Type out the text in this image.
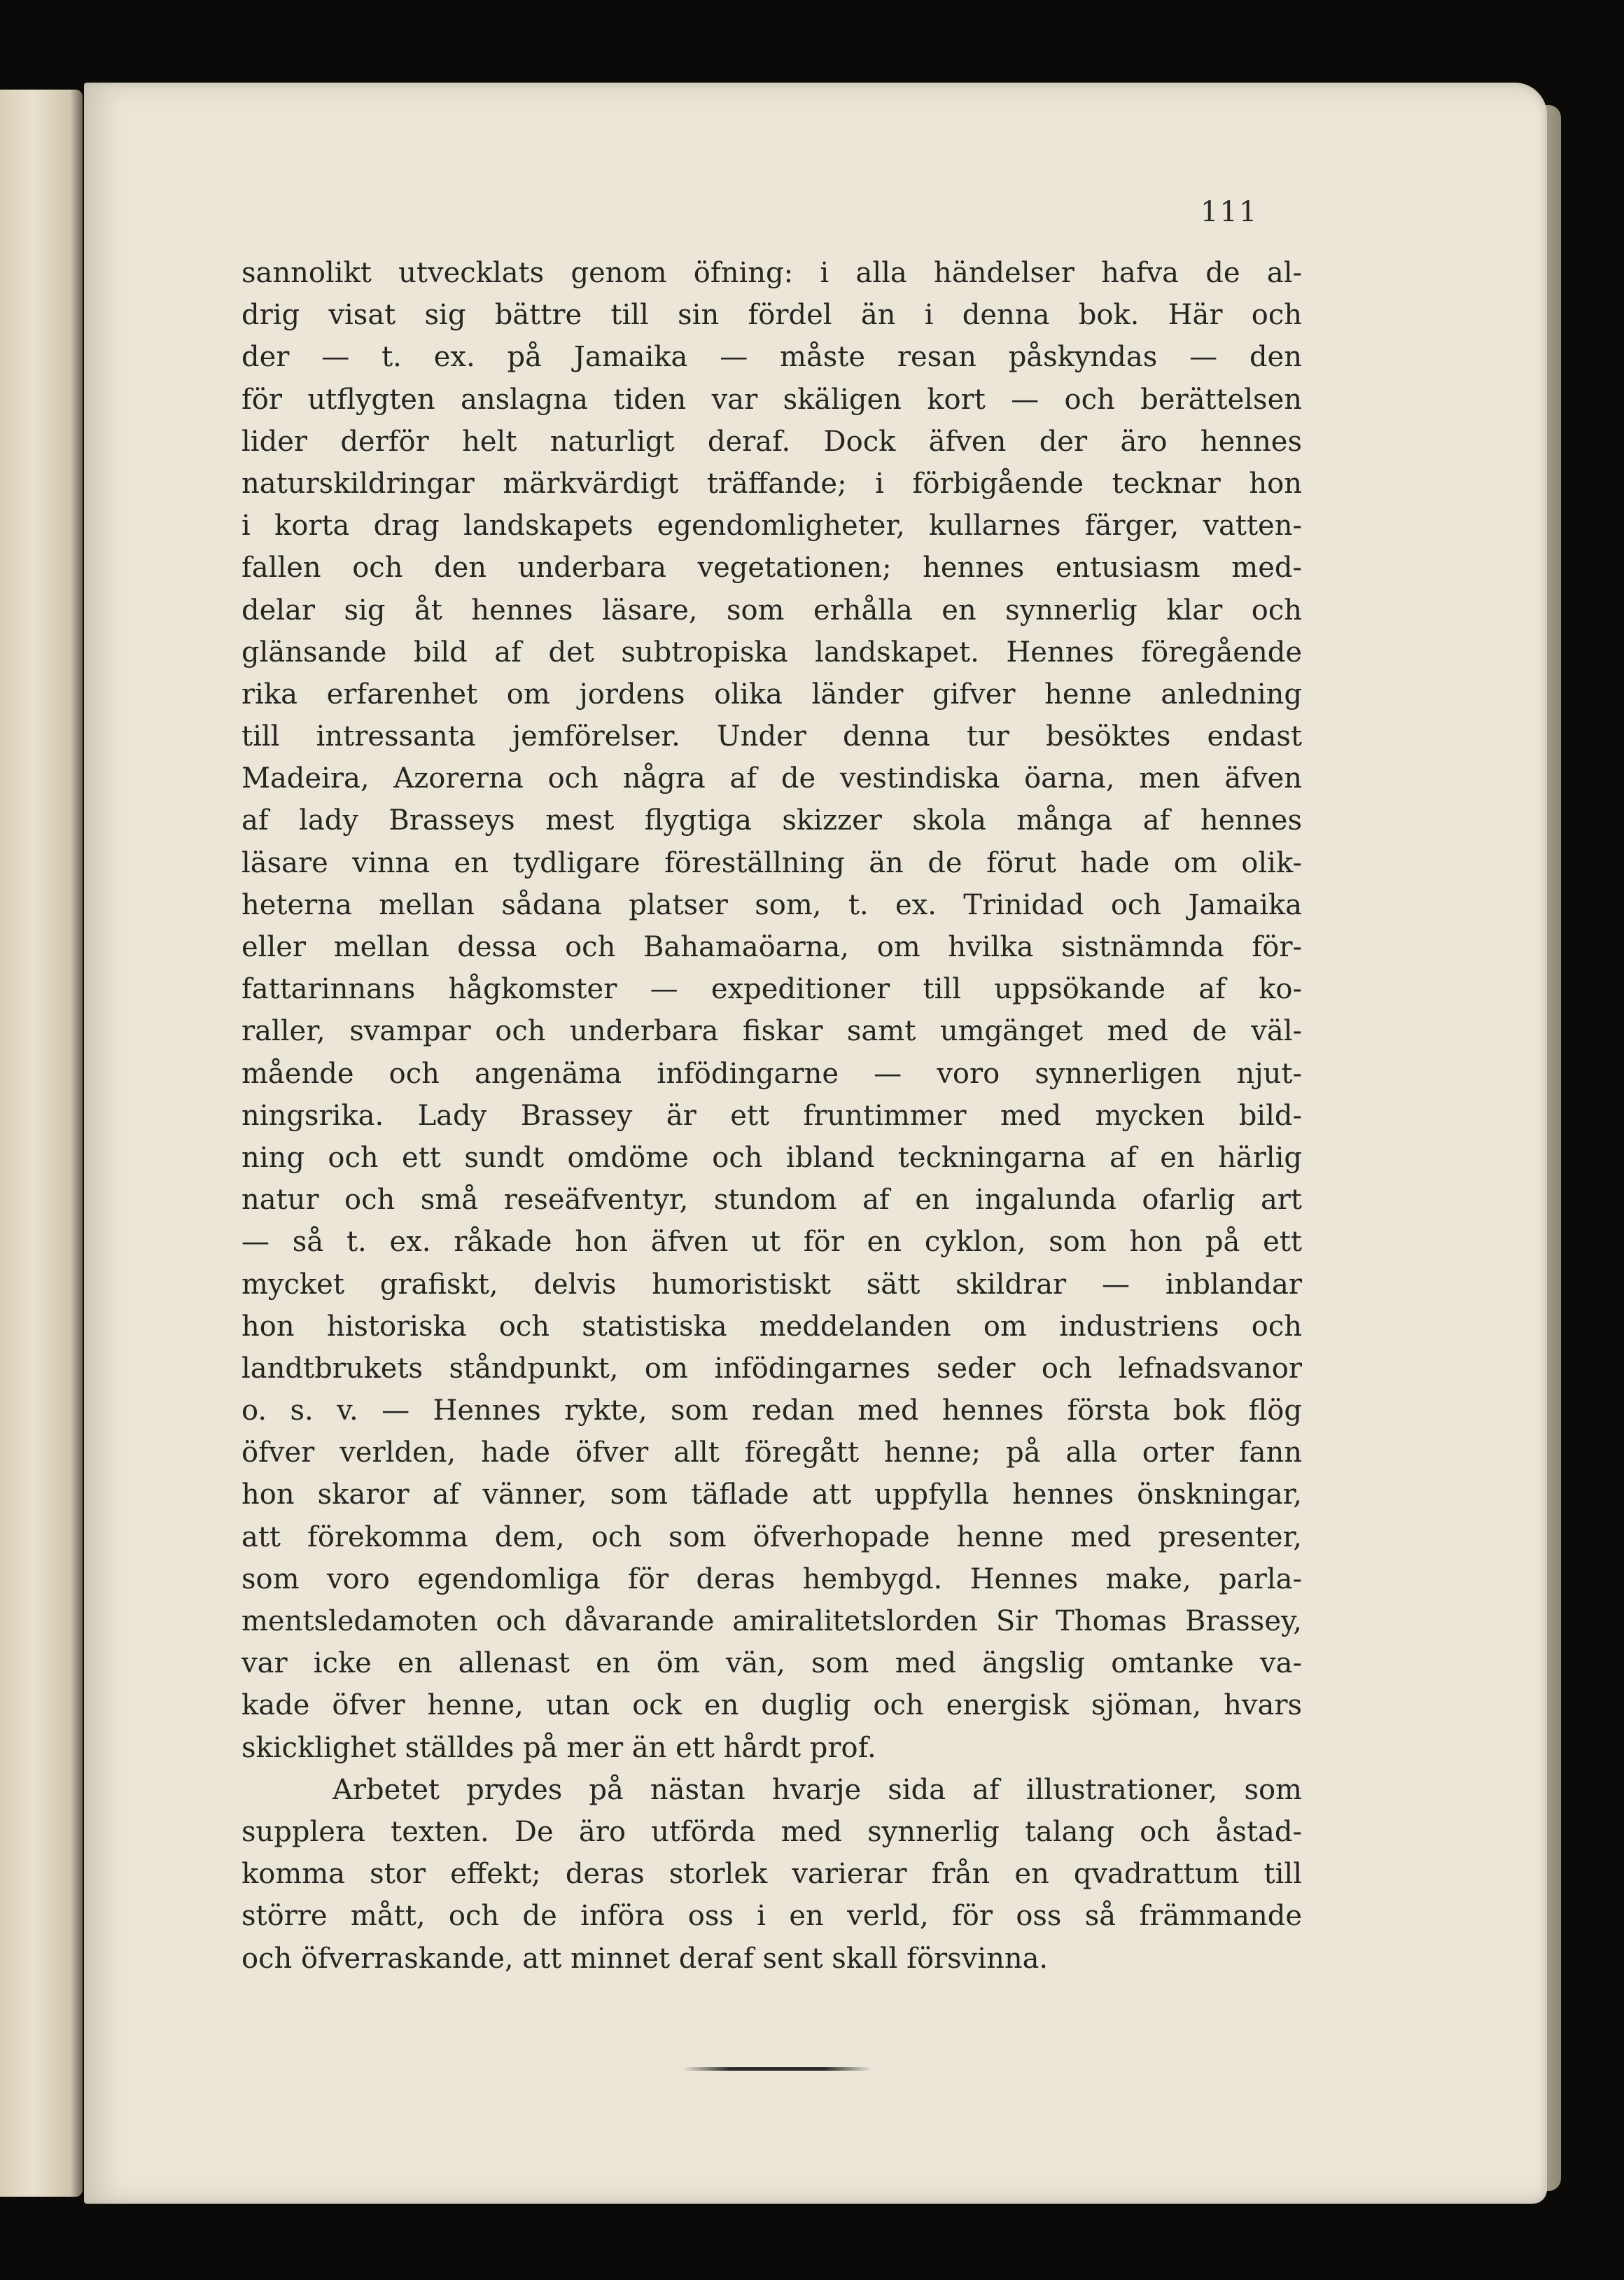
111
sannolikt utvecklats genom öfning: i alla händelser hafva de al-
drig visat sig bättre till sin fördel än i denna bok. Här och
der — t. ex. på Jamaika — måste resan påskyndas — den
för utflygten anslagna tiden var skäligen kort — och berättelsen
lider derför helt naturligt deraf. Dock äfven der äro hennes
naturskildringar märkvärdigt träffande; i förbigående tecknar hon
i korta drag landskapets egendomligheter, kullarnes färger, vatten-
fallen och den underbara vegetationen; hennes entusiasm med-
delar sig åt hennes läsare, som erhålla en synnerlig klar och
glänsande bild af det subtropiska landskapet. Hennes föregående
rika erfarenhet om jordens olika länder gifver henne anledning
till intressanta jemförelser. Under denna tur besöktes endast
Madeira, Azorerna och några af de vestindiska öarna, men äfven
af lady Brasseys mest flygtiga skizzer skola många af hennes
läsare vinna en tydligare föreställning än de förut hade om olik-
heterna mellan sådana platser som, t. ex. Trinidad och Jamaika
eller mellan dessa och Bahamaöarna, om hvilka sistnämnda för-
fattarinnans hågkomster — expeditioner till uppsökande af ko-
raller, svampar och underbara fiskar samt umgänget med de väl-
mående och angenäma infödingarne — voro synnerligen njut-
ningsrika. Lady Brassey är ett fruntimmer med mycken bild-
ning och ett sundt omdöme och ibland teckningarna af en härlig
natur och små reseäfventyr, stundom af en ingalunda ofarlig art
— så t. ex. råkade hon äfven ut för en cyklon, som hon på ett
mycket grafiskt, delvis humoristiskt sätt skildrar — inblandar
hon historiska och statistiska meddelanden om industriens och
landtbrukets ståndpunkt, om infödingarnes seder och lefnadsvanor
o. s. v. — Hennes rykte, som redan med hennes första bok flög
öfver verlden, hade öfver allt föregått henne; på alla orter fann
hon skaror af vänner, som täflade att uppfylla hennes önskningar,
att förekomma dem, och som öfverhopade henne med presenter,
som voro egendomliga för deras hembygd. Hennes make, parla-
mentsledamoten och dåvarande amiralitetslorden Sir Thomas Brassey,
var icke en allenast en öm vän, som med ängslig omtanke va-
kade öfver henne, utan ock en duglig och energisk sjöman, hvars
skicklighet ställdes på mer än ett hårdt prof.
Arbetet prydes på nästan hvarje sida af illustrationer, som
supplera texten. De äro utförda med synnerlig talang och åstad-
komma stor effekt; deras storlek varierar från en qvadrattum till
större mått, och de införa oss i en verld, för oss så främmande
och öfverraskande, att minnet deraf sent skall försvinna.
